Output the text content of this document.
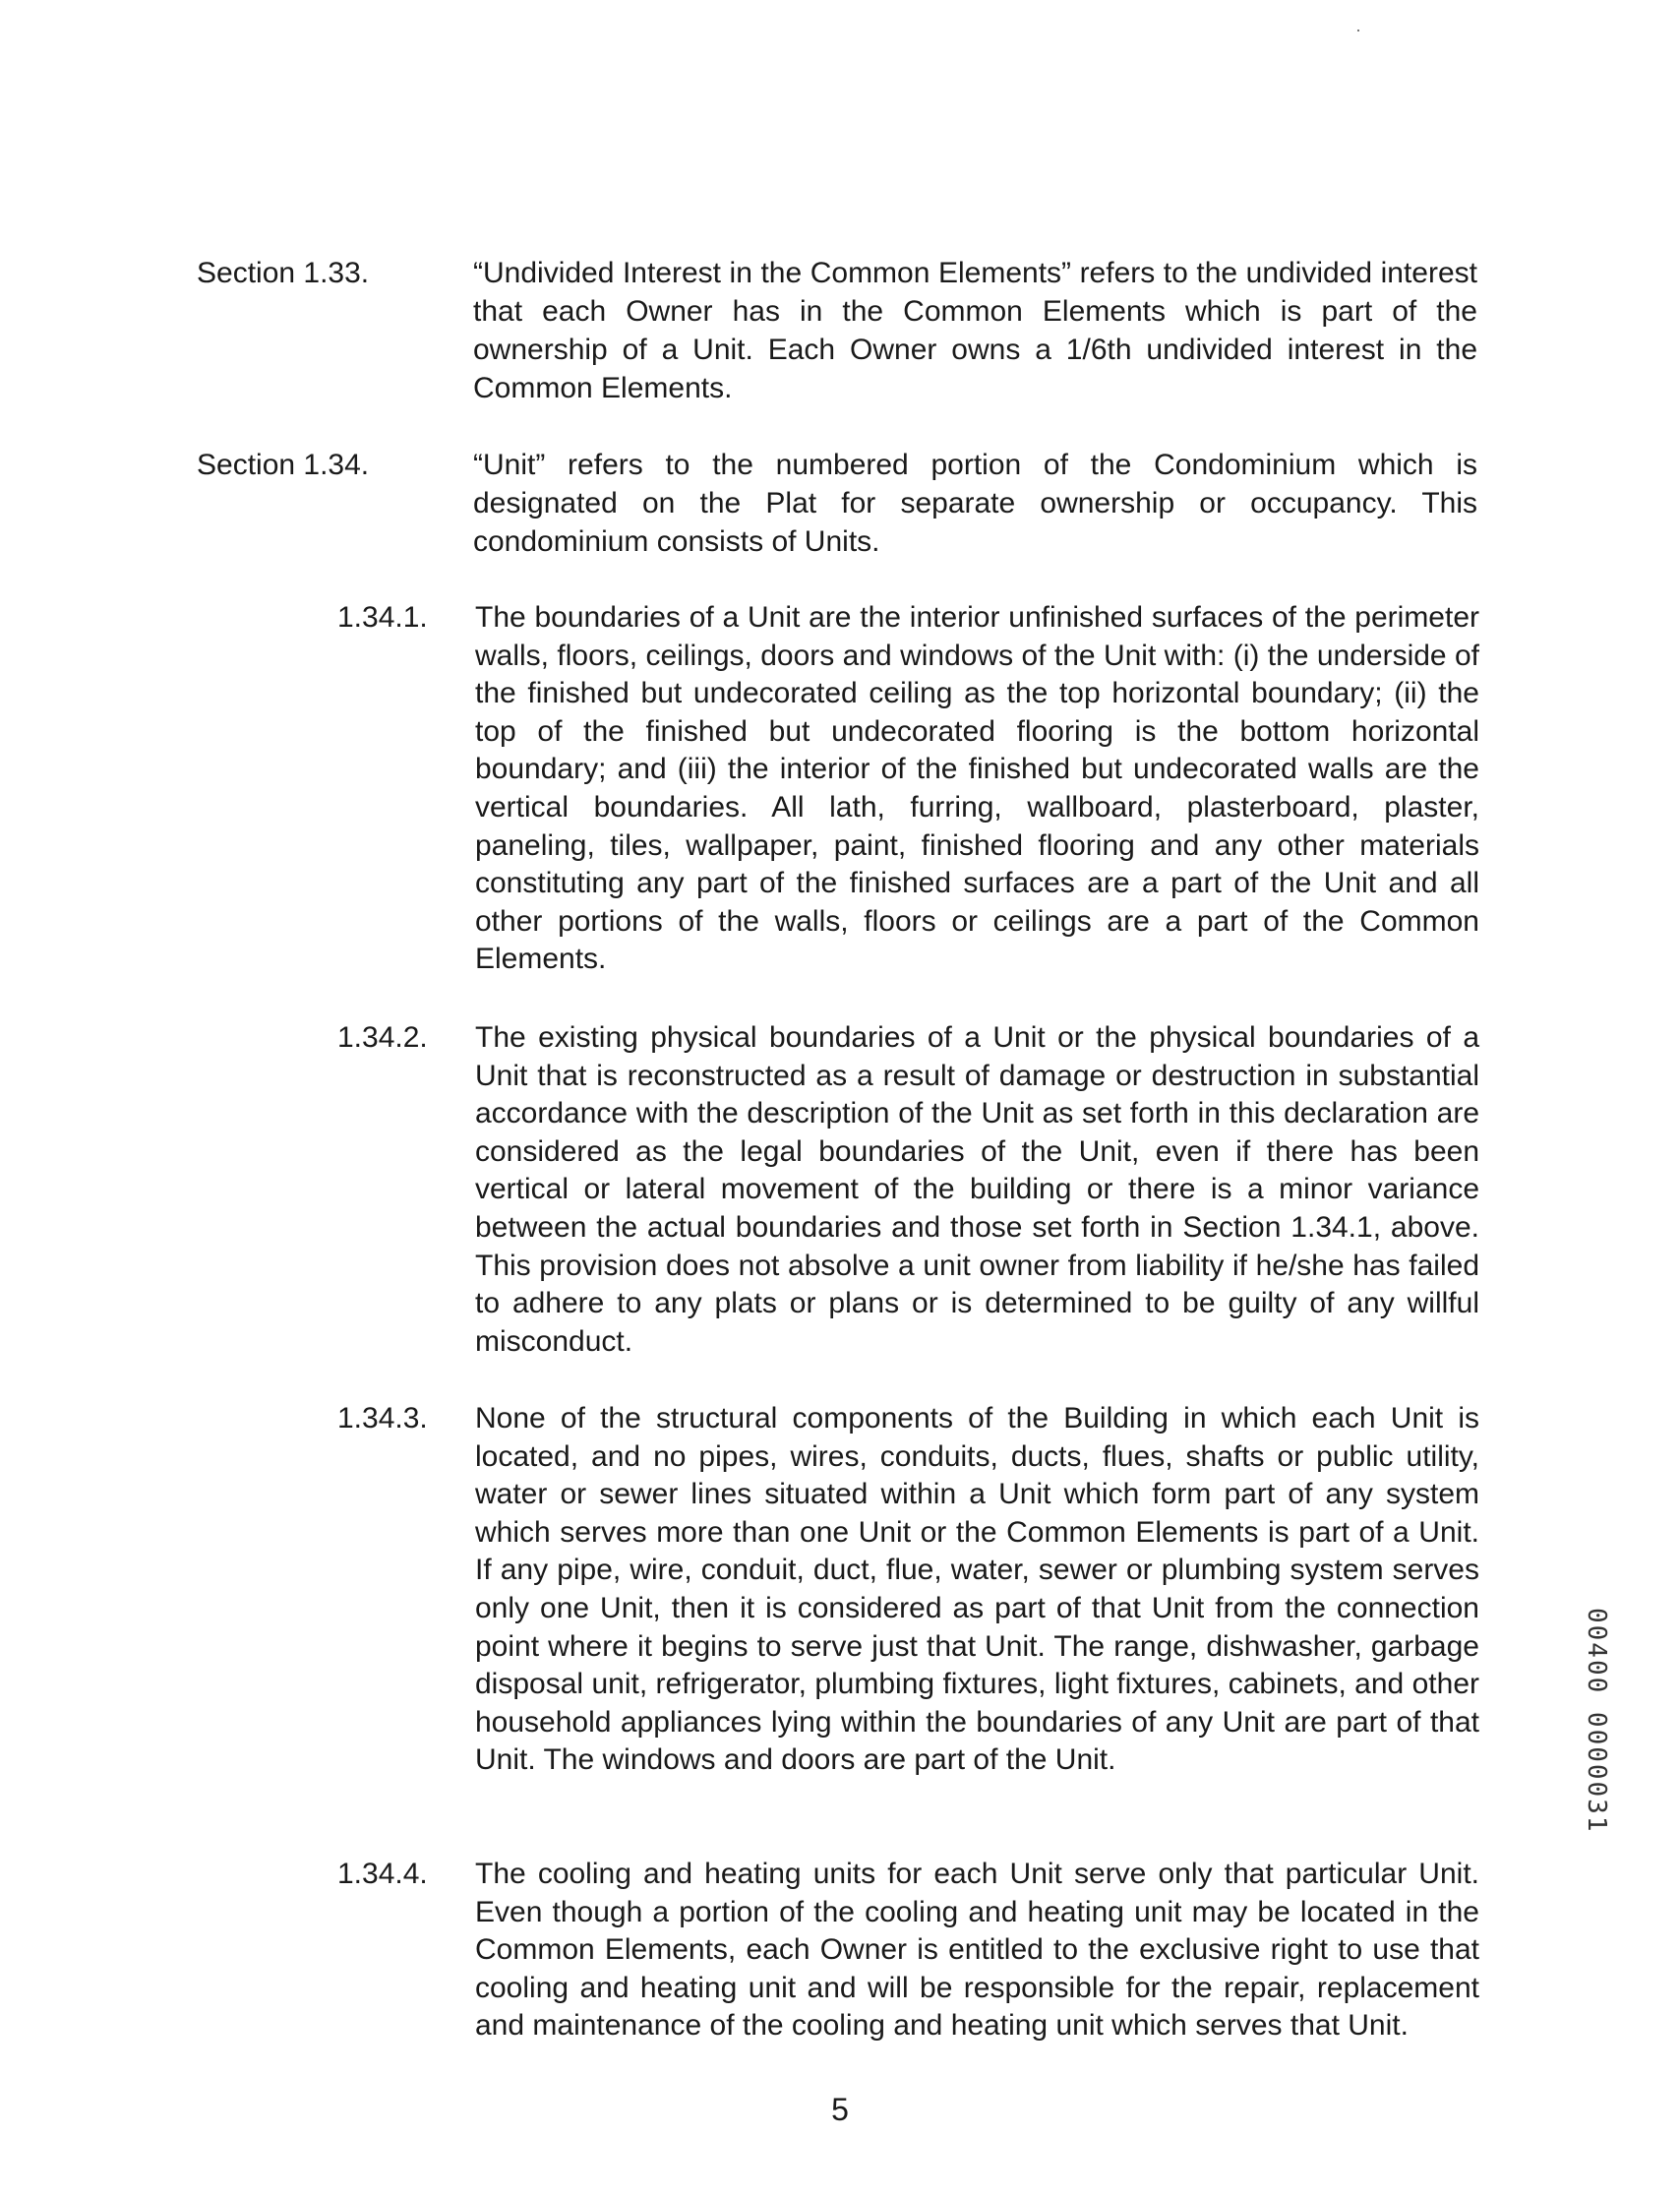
Section 1.33.	“Undivided Interest in the Common Elements” refers to the undivided interest that each Owner has in the Common Elements which is part of the ownership of a Unit. Each Owner owns a 1/6th undivided interest in the Common Elements.

Section 1.34.	“Unit” refers to the numbered portion of the Condominium which is designated on the Plat for separate ownership or occupancy. This condominium consists of Units.

1.34.1. The boundaries of a Unit are the interior unfinished surfaces of the perimeter walls, floors, ceilings, doors and windows of the Unit with: (i) the underside of the finished but undecorated ceiling as the top horizontal boundary; (ii) the top of the finished but undecorated flooring is the bottom horizontal boundary; and (iii) the interior of the finished but undecorated walls are the vertical boundaries. All lath, furring, wallboard, plasterboard, plaster, paneling, tiles, wallpaper, paint, finished flooring and any other materials constituting any part of the finished surfaces are a part of the Unit and all other portions of the walls, floors or ceilings are a part of the Common Elements.

1.34.2. The existing physical boundaries of a Unit or the physical boundaries of a Unit that is reconstructed as a result of damage or destruction in substantial accordance with the description of the Unit as set forth in this declaration are considered as the legal boundaries of the Unit, even if there has been vertical or lateral movement of the building or there is a minor variance between the actual boundaries and those set forth in Section 1.34.1, above. This provision does not absolve a unit owner from liability if he/she has failed to adhere to any plats or plans or is determined to be guilty of any willful misconduct.

1.34.3. None of the structural components of the Building in which each Unit is located, and no pipes, wires, conduits, ducts, flues, shafts or public utility, water or sewer lines situated within a Unit which form part of any system which serves more than one Unit or the Common Elements is part of a Unit. If any pipe, wire, conduit, duct, flue, water, sewer or plumbing system serves only one Unit, then it is considered as part of that Unit from the connection point where it begins to serve just that Unit. The range, dishwasher, garbage disposal unit, refrigerator, plumbing fixtures, light fixtures, cabinets, and other household appliances lying within the boundaries of any Unit are part of that Unit. The windows and doors are part of the Unit.

1.34.4. The cooling and heating units for each Unit serve only that particular Unit. Even though a portion of the cooling and heating unit may be located in the Common Elements, each Owner is entitled to the exclusive right to use that cooling and heating unit and will be responsible for the repair, replacement and maintenance of the cooling and heating unit which serves that Unit.

5
00400 0000031
